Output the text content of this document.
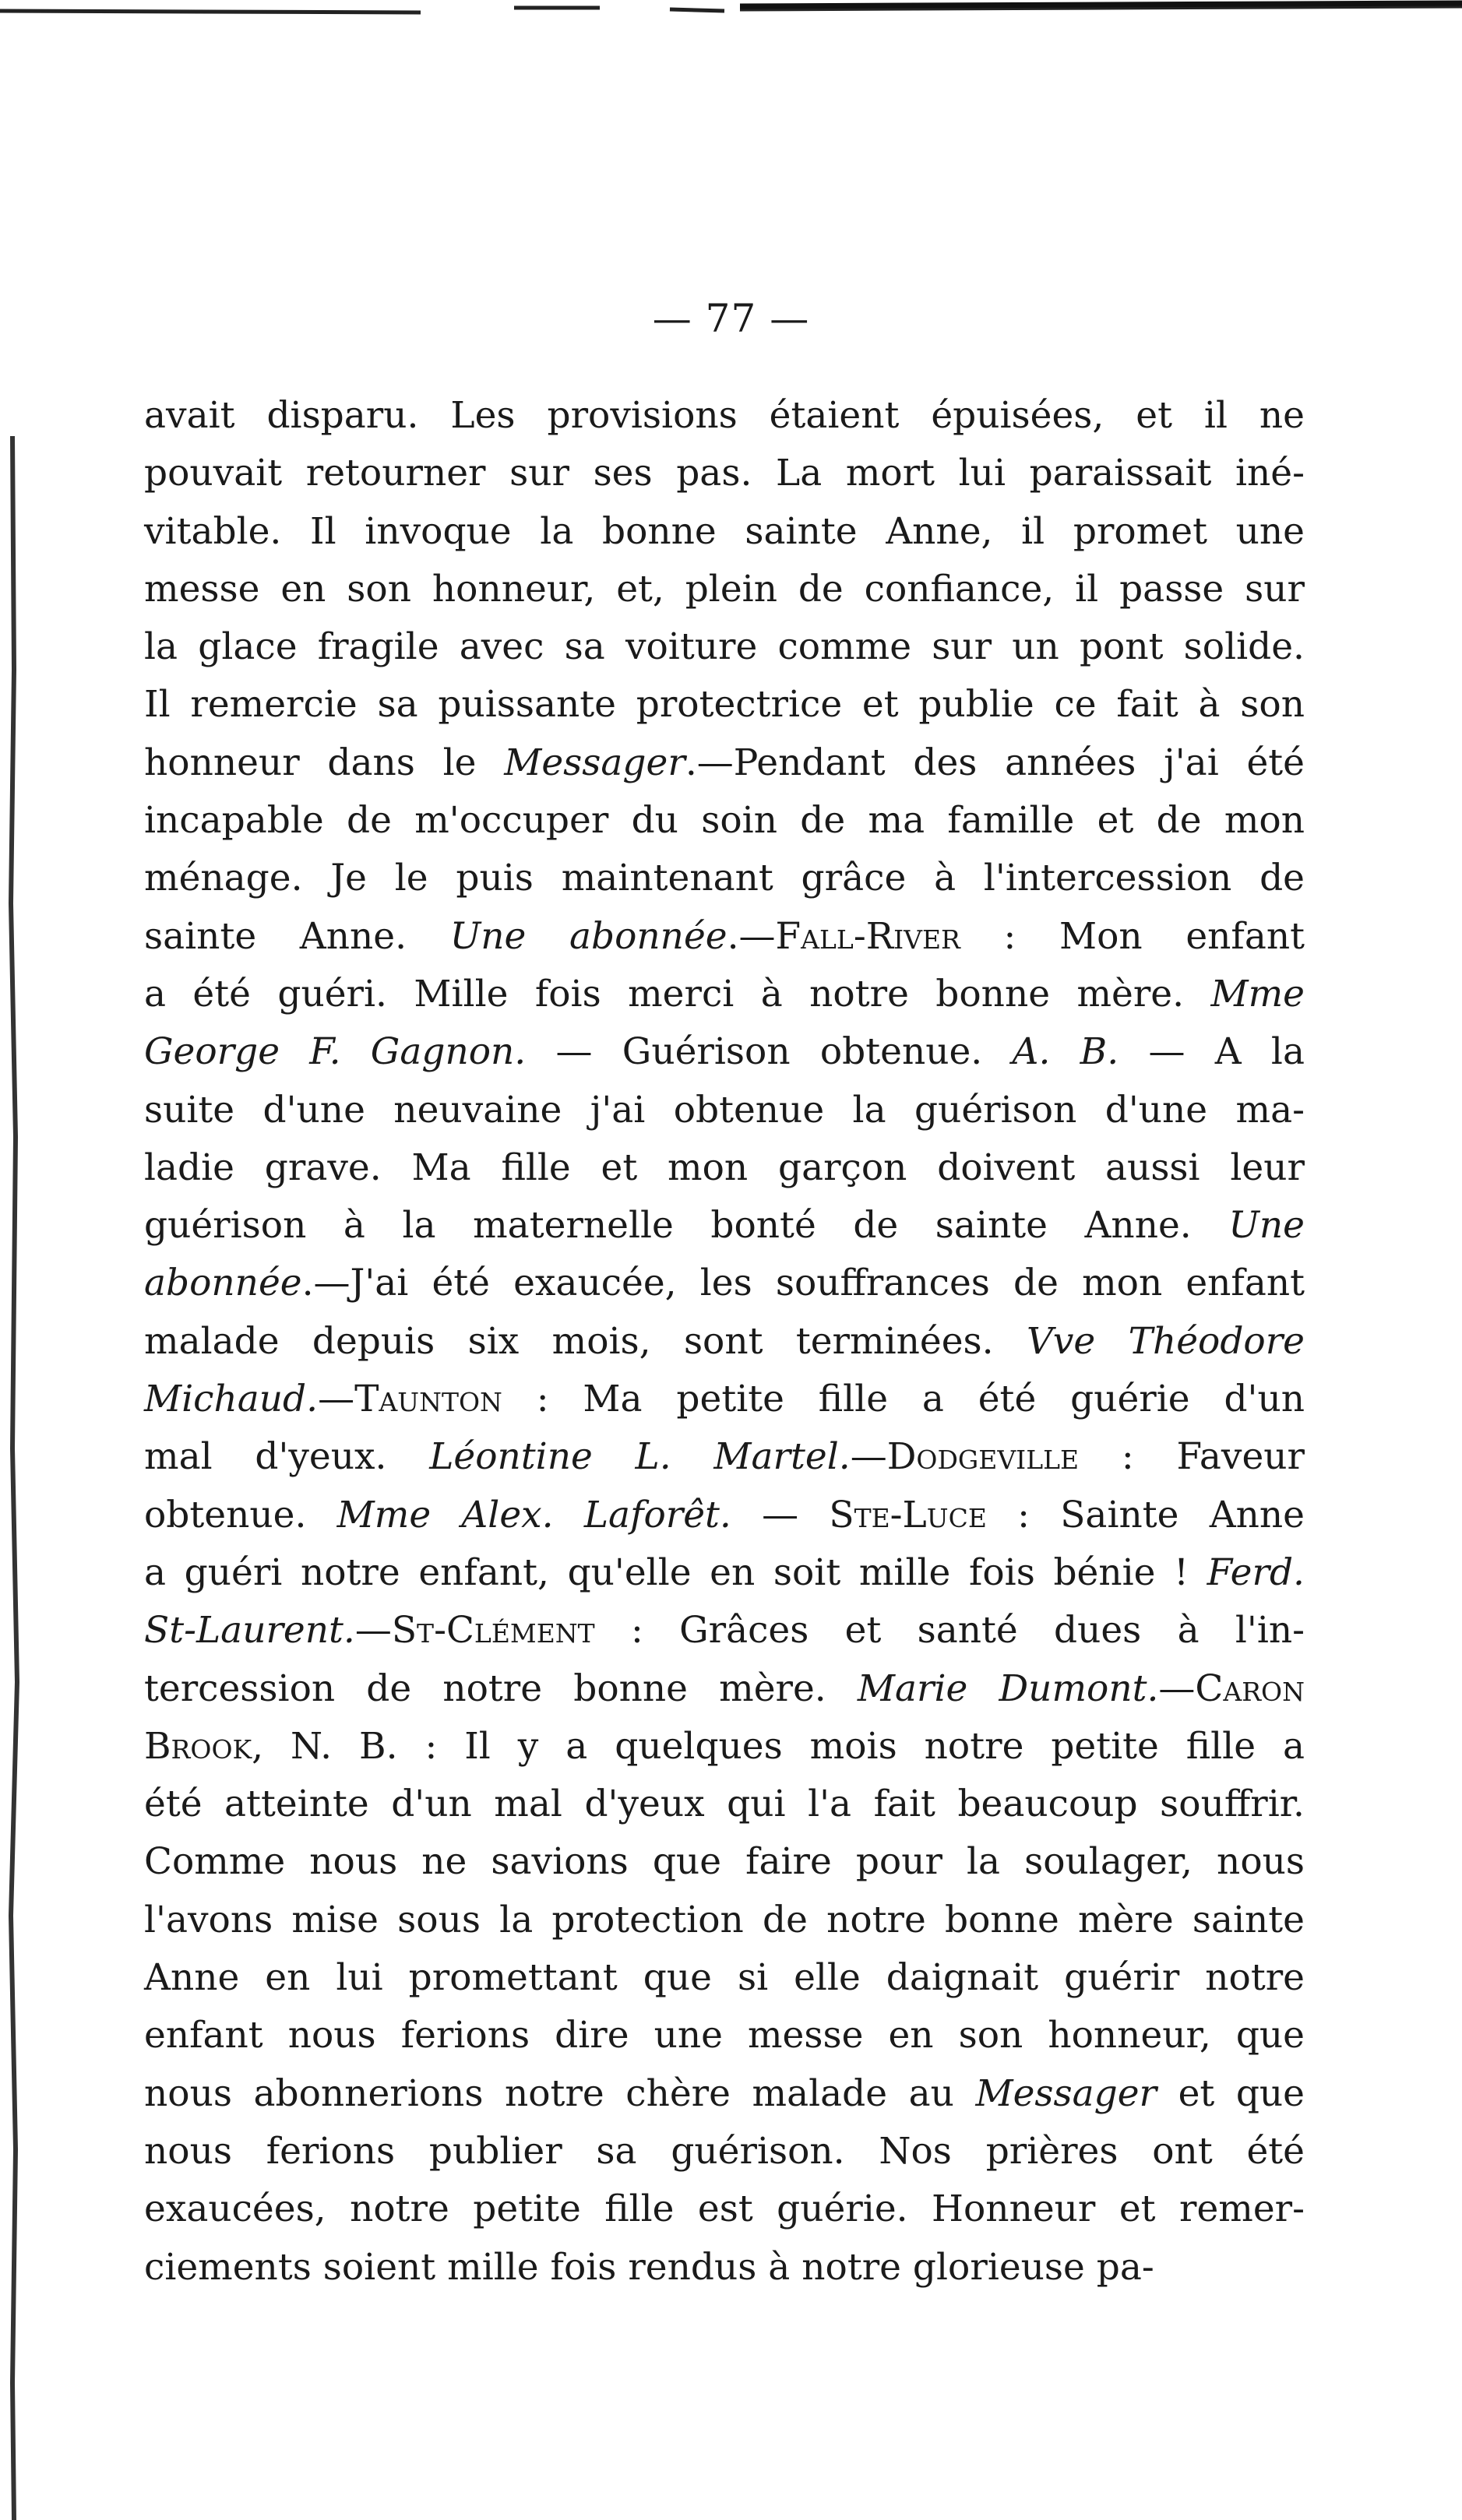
— 77 —
avait disparu. Les provisions étaient épuisées, et il ne
pouvait retourner sur ses pas. La mort lui paraissait iné-
vitable. Il invoque la bonne sainte Anne, il promet une
messe en son honneur, et, plein de confiance, il passe sur
la glace fragile avec sa voiture comme sur un pont solide.
Il remercie sa puissante protectrice et publie ce fait à son
honneur dans le Messager.—Pendant des années j'ai été
incapable de m'occuper du soin de ma famille et de mon
ménage. Je le puis maintenant grâce à l'intercession de
sainte Anne. Une abonnée.—Fall-River : Mon enfant
a été guéri. Mille fois merci à notre bonne mère. Mme
George F. Gagnon. — Guérison obtenue. A. B. — A la
suite d'une neuvaine j'ai obtenue la guérison d'une ma-
ladie grave. Ma fille et mon garçon doivent aussi leur
guérison à la maternelle bonté de sainte Anne. Une
abonnée.—J'ai été exaucée, les souffrances de mon enfant
malade depuis six mois, sont terminées. Vve Théodore
Michaud.—Taunton : Ma petite fille a été guérie d'un
mal d'yeux. Léontine L. Martel.—Dodgeville : Faveur
obtenue. Mme Alex. Laforêt. — Ste-Luce : Sainte Anne
a guéri notre enfant, qu'elle en soit mille fois bénie ! Ferd.
St-Laurent.—St-Clément : Grâces et santé dues à l'in-
tercession de notre bonne mère. Marie Dumont.—Caron
Brook, N. B. : Il y a quelques mois notre petite fille a
été atteinte d'un mal d'yeux qui l'a fait beaucoup souffrir.
Comme nous ne savions que faire pour la soulager, nous
l'avons mise sous la protection de notre bonne mère sainte
Anne en lui promettant que si elle daignait guérir notre
enfant nous ferions dire une messe en son honneur, que
nous abonnerions notre chère malade au Messager et que
nous ferions publier sa guérison. Nos prières ont été
exaucées, notre petite fille est guérie. Honneur et remer-
ciements soient mille fois rendus à notre glorieuse pa-
